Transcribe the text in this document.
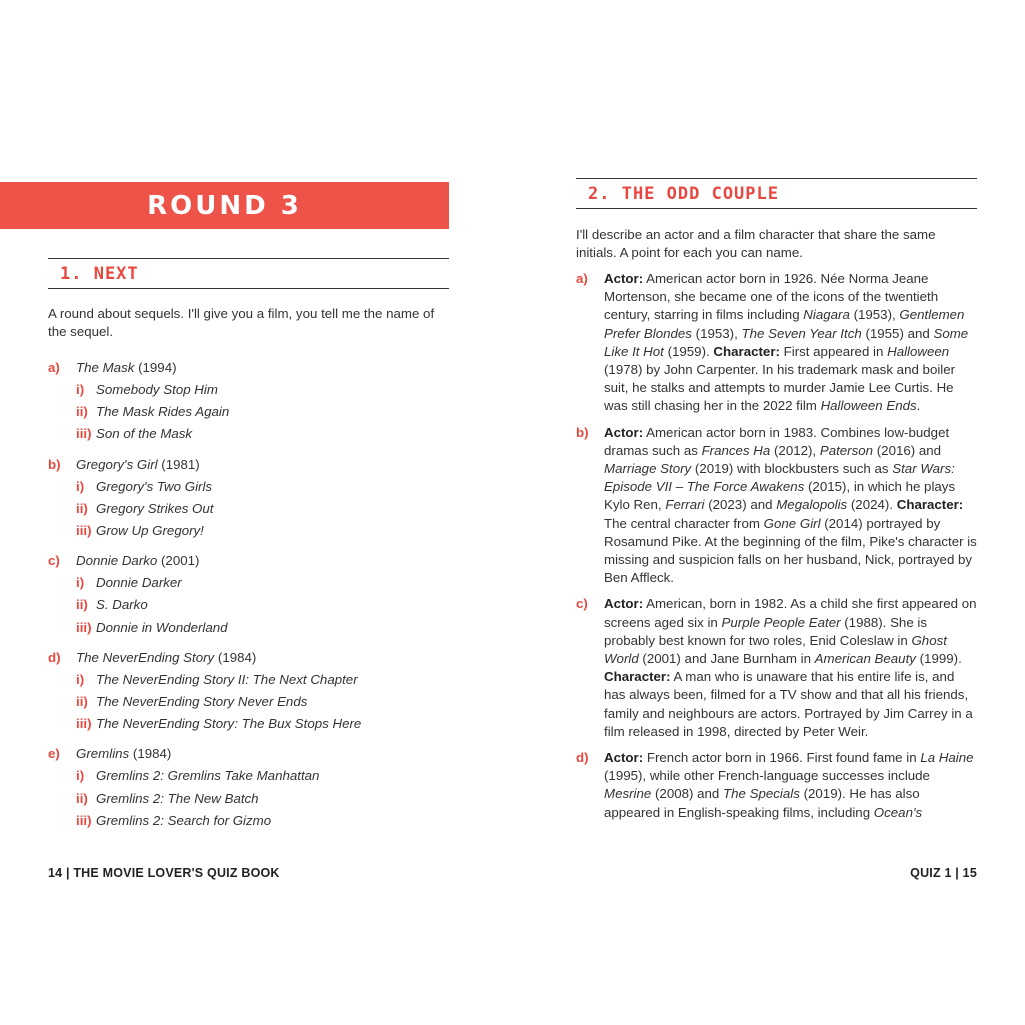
ROUND 3
1. NEXT
A round about sequels. I'll give you a film, you tell me the name of the sequel.
a) The Mask (1994)
i) Somebody Stop Him
ii) The Mask Rides Again
iii) Son of the Mask
b) Gregory's Girl (1981)
i) Gregory's Two Girls
ii) Gregory Strikes Out
iii) Grow Up Gregory!
c) Donnie Darko (2001)
i) Donnie Darker
ii) S. Darko
iii) Donnie in Wonderland
d) The NeverEnding Story (1984)
i) The NeverEnding Story II: The Next Chapter
ii) The NeverEnding Story Never Ends
iii) The NeverEnding Story: The Bux Stops Here
e) Gremlins (1984)
i) Gremlins 2: Gremlins Take Manhattan
ii) Gremlins 2: The New Batch
iii) Gremlins 2: Search for Gizmo
14 | THE MOVIE LOVER'S QUIZ BOOK
2. THE ODD COUPLE
I'll describe an actor and a film character that share the same initials. A point for each you can name.
a) Actor: American actor born in 1926. Née Norma Jeane Mortenson, she became one of the icons of the twentieth century, starring in films including Niagara (1953), Gentlemen Prefer Blondes (1953), The Seven Year Itch (1955) and Some Like It Hot (1959). Character: First appeared in Halloween (1978) by John Carpenter. In his trademark mask and boiler suit, he stalks and attempts to murder Jamie Lee Curtis. He was still chasing her in the 2022 film Halloween Ends.
b) Actor: American actor born in 1983. Combines low-budget dramas such as Frances Ha (2012), Paterson (2016) and Marriage Story (2019) with blockbusters such as Star Wars: Episode VII – The Force Awakens (2015), in which he plays Kylo Ren, Ferrari (2023) and Megalopolis (2024). Character: The central character from Gone Girl (2014) portrayed by Rosamund Pike. At the beginning of the film, Pike's character is missing and suspicion falls on her husband, Nick, portrayed by Ben Affleck.
c) Actor: American, born in 1982. As a child she first appeared on screens aged six in Purple People Eater (1988). She is probably best known for two roles, Enid Coleslaw in Ghost World (2001) and Jane Burnham in American Beauty (1999). Character: A man who is unaware that his entire life is, and has always been, filmed for a TV show and that all his friends, family and neighbours are actors. Portrayed by Jim Carrey in a film released in 1998, directed by Peter Weir.
d) Actor: French actor born in 1966. First found fame in La Haine (1995), while other French-language successes include Mesrine (2008) and The Specials (2019). He has also appeared in English-speaking films, including Ocean's
QUIZ 1 | 15
